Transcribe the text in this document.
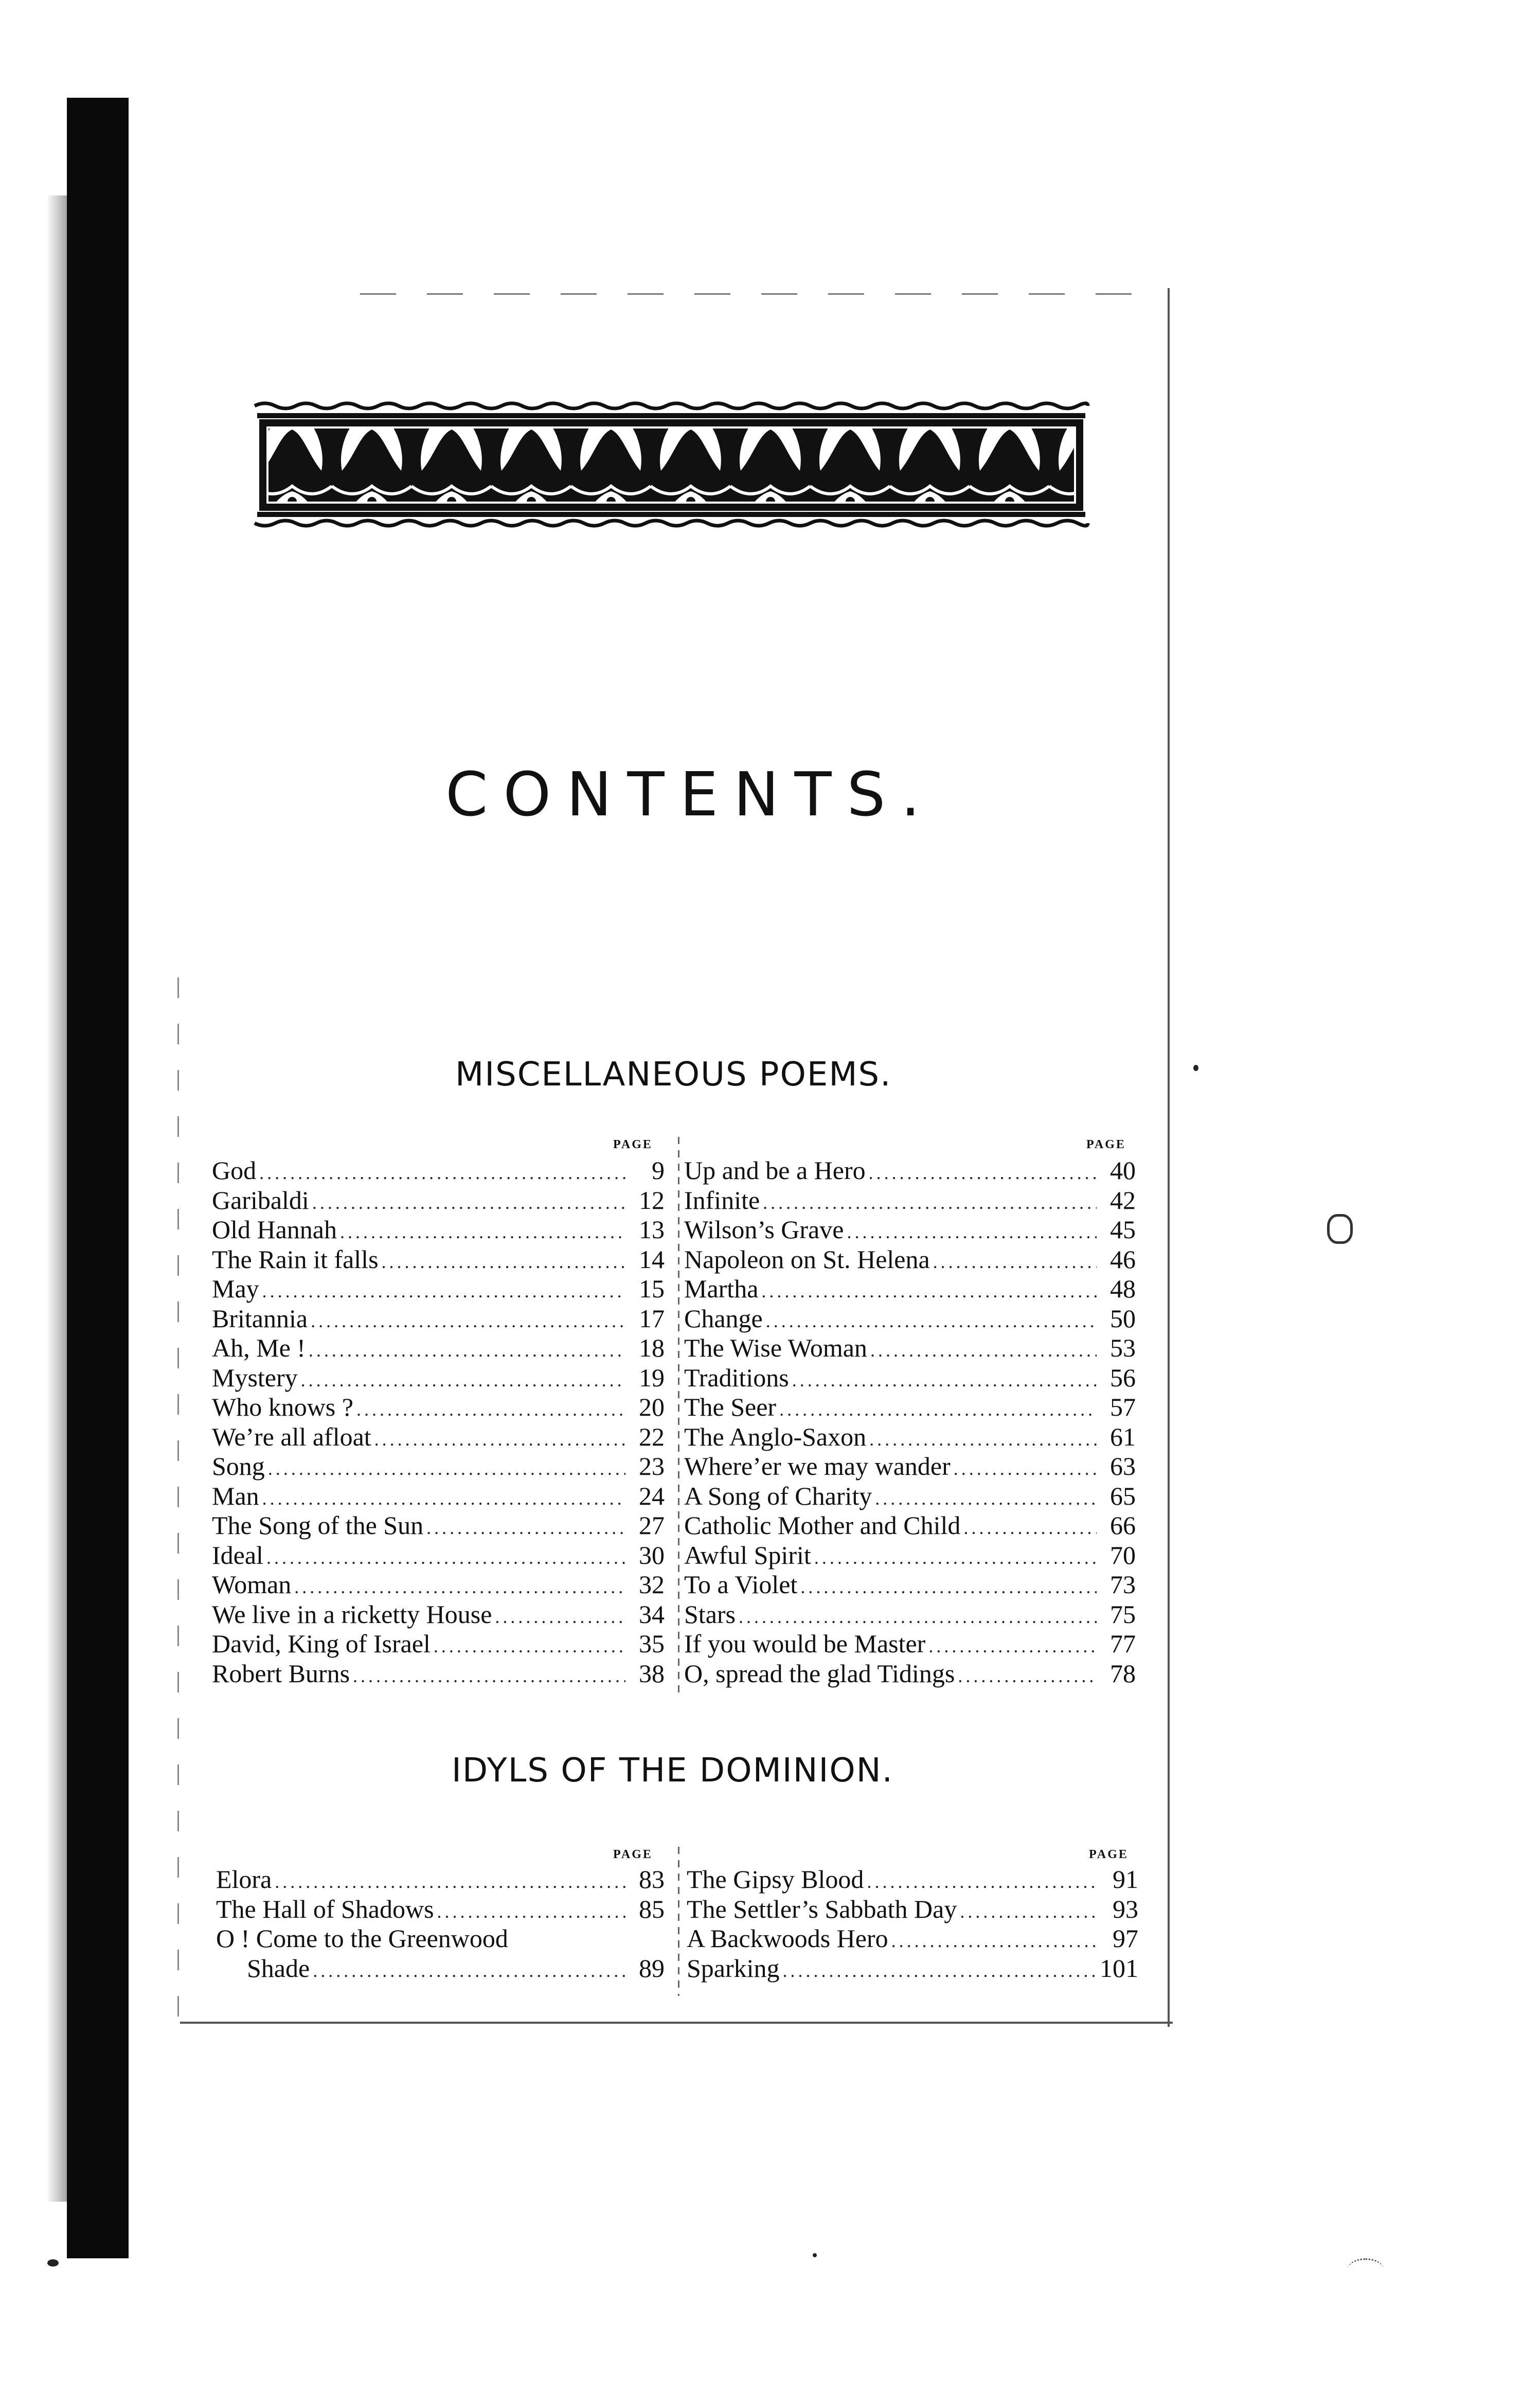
CONTENTS.
MISCELLANEOUS POEMS.
PAGE	PAGE
God .....	9
Garibaldi .....	12
Old Hannah .....	13
The Rain it falls .....	14
May .....	15
Britannia .....	17
Ah, Me ! .....	18
Mystery .....	19
Who knows ? .....	20
We’re all afloat .....	22
Song .....	23
Man .....	24
The Song of the Sun .....	27
Ideal .....	30
Woman .....	32
We live in a ricketty House .....	34
David, King of Israel .....	35
Robert Burns .....	38
Up and be a Hero .....	40
Infinite .....	42
Wilson’s Grave .....	45
Napoleon on St. Helena .....	46
Martha .....	48
Change .....	50
The Wise Woman .....	53
Traditions .....	56
The Seer .....	57
The Anglo-Saxon .....	61
Where’er we may wander .....	63
A Song of Charity .....	65
Catholic Mother and Child .....	66
Awful Spirit .....	70
To a Violet .....	73
Stars .....	75
If you would be Master .....	77
O, spread the glad Tidings .....	78
IDYLS OF THE DOMINION.
PAGE	PAGE
Elora .....	83
The Hall of Shadows .....	85
O ! Come to the Greenwood
Shade .....	89
The Gipsy Blood .....	91
The Settler’s Sabbath Day .....	93
A Backwoods Hero .....	97
Sparking .....	101
